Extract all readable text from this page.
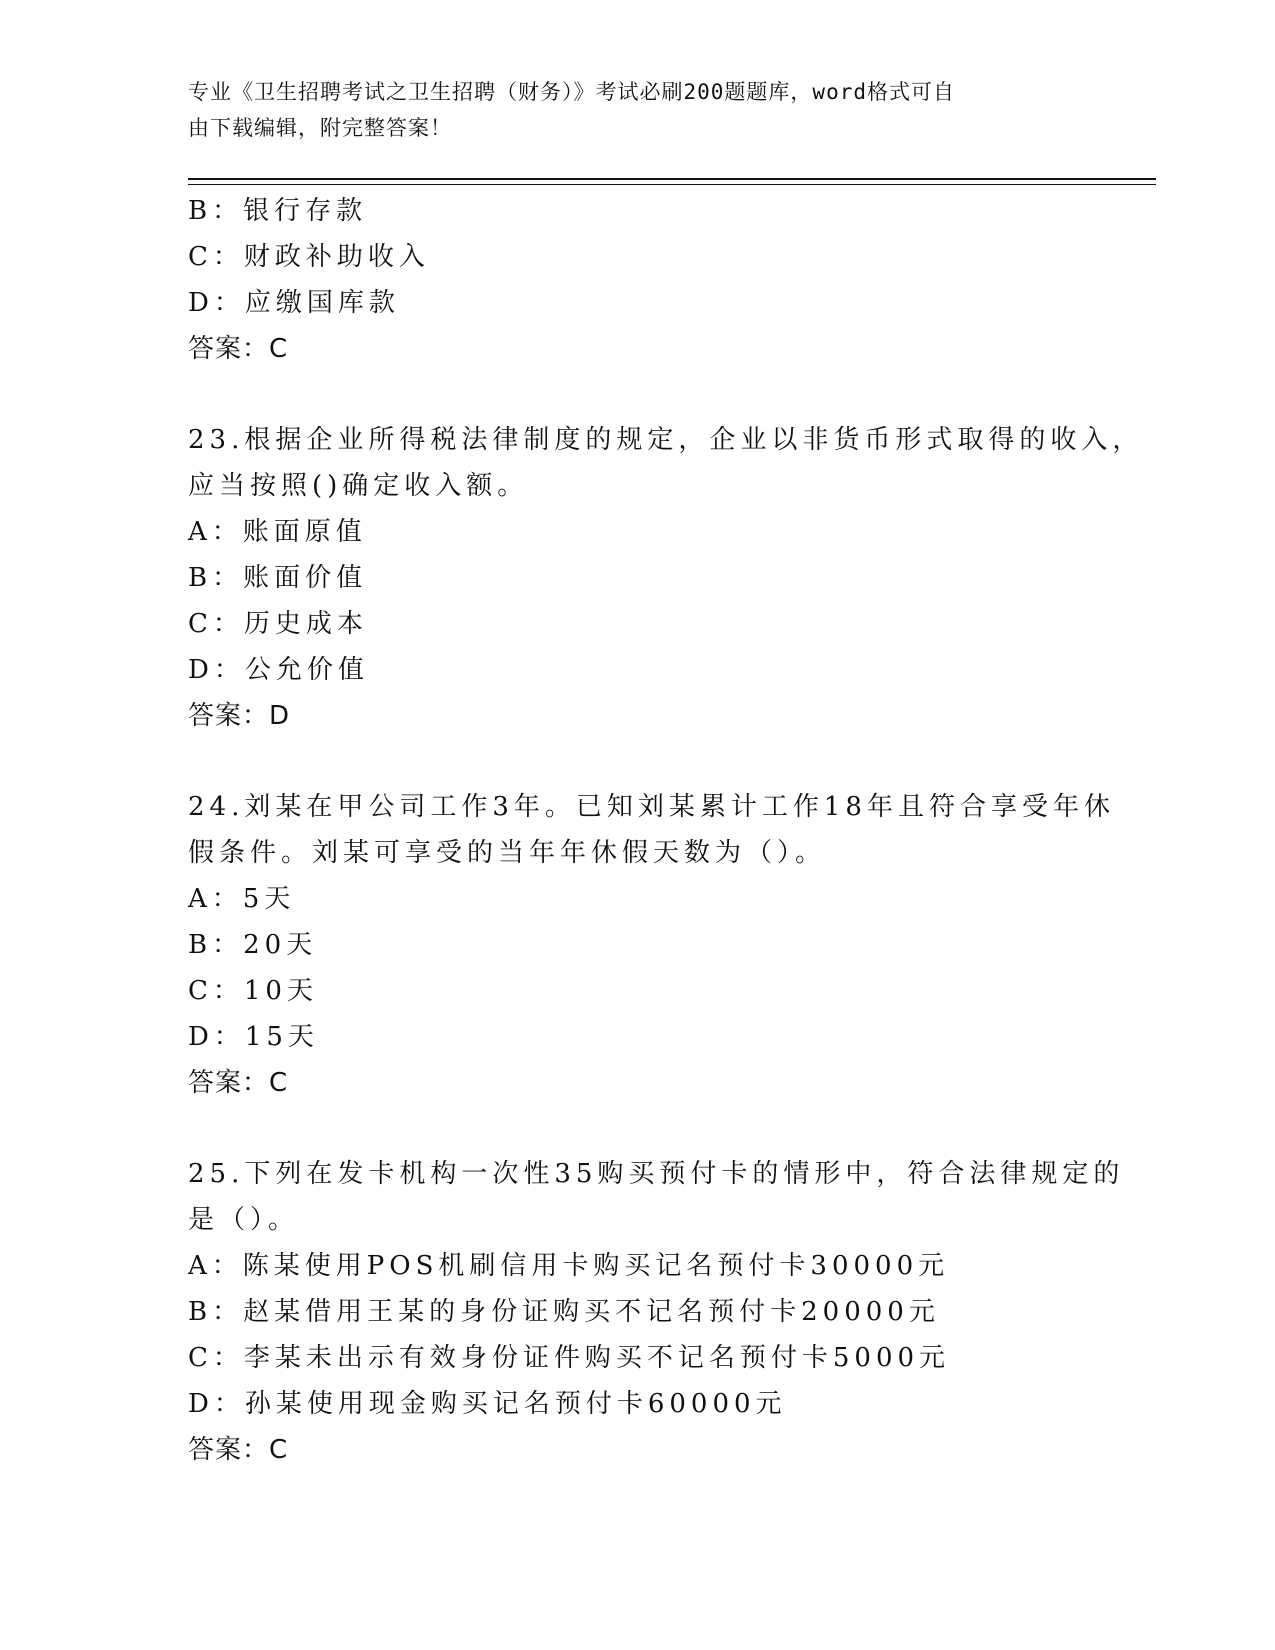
专业《卫生招聘考试之卫生招聘（财务）》考试必刷200题题库，word格式可自
由下载编辑，附完整答案！
B：银行存款
C：财政补助收入
D：应缴国库款
答案：C
23.根据企业所得税法律制度的规定，企业以非货币形式取得的收入，
应当按照()确定收入额。
A：账面原值
B：账面价值
C：历史成本
D：公允价值
答案：D
24.刘某在甲公司工作3年。已知刘某累计工作18年且符合享受年休
假条件。刘某可享受的当年年休假天数为（）。
A：5天
B：20天
C：10天
D：15天
答案：C
25.下列在发卡机构一次性35购买预付卡的情形中，符合法律规定的
是（）。
A：陈某使用POS机刷信用卡购买记名预付卡30000元
B：赵某借用王某的身份证购买不记名预付卡20000元
C：李某未出示有效身份证件购买不记名预付卡5000元
D：孙某使用现金购买记名预付卡60000元
答案：C
